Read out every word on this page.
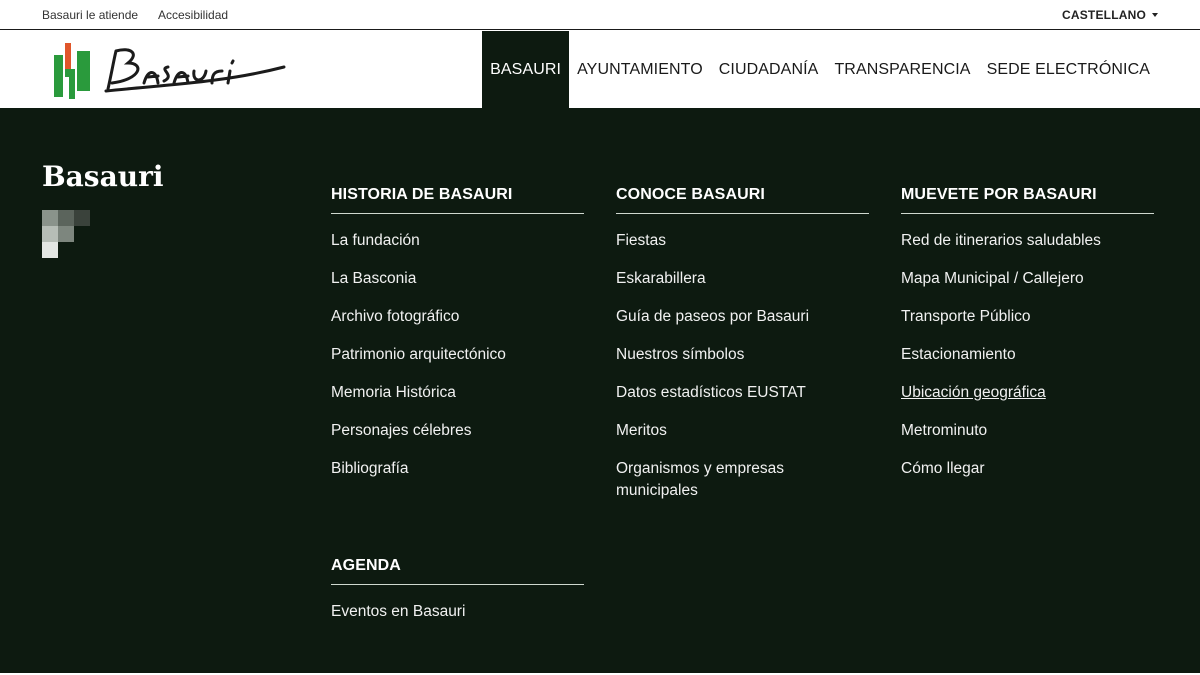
Basauri le atiende Accesibilidad	CASTELLANO
BASAURI	AYUNTAMIENTO	CIUDADANÍA	TRANSPARENCIA	SEDE ELECTRÓNICA
Basauri
HISTORIA DE BASAURI
La fundación
La Basconia
Archivo fotográfico
Patrimonio arquitectónico
Memoria Histórica
Personajes célebres
Bibliografía
CONOCE BASAURI
Fiestas
Eskarabillera
Guía de paseos por Basauri
Nuestros símbolos
Datos estadísticos EUSTAT
Meritos
Organismos y empresas municipales
MUEVETE POR BASAURI
Red de itinerarios saludables
Mapa Municipal / Callejero
Transporte Público
Estacionamiento
Ubicación geográfica
Metrominuto
Cómo llegar
AGENDA
Eventos en Basauri
